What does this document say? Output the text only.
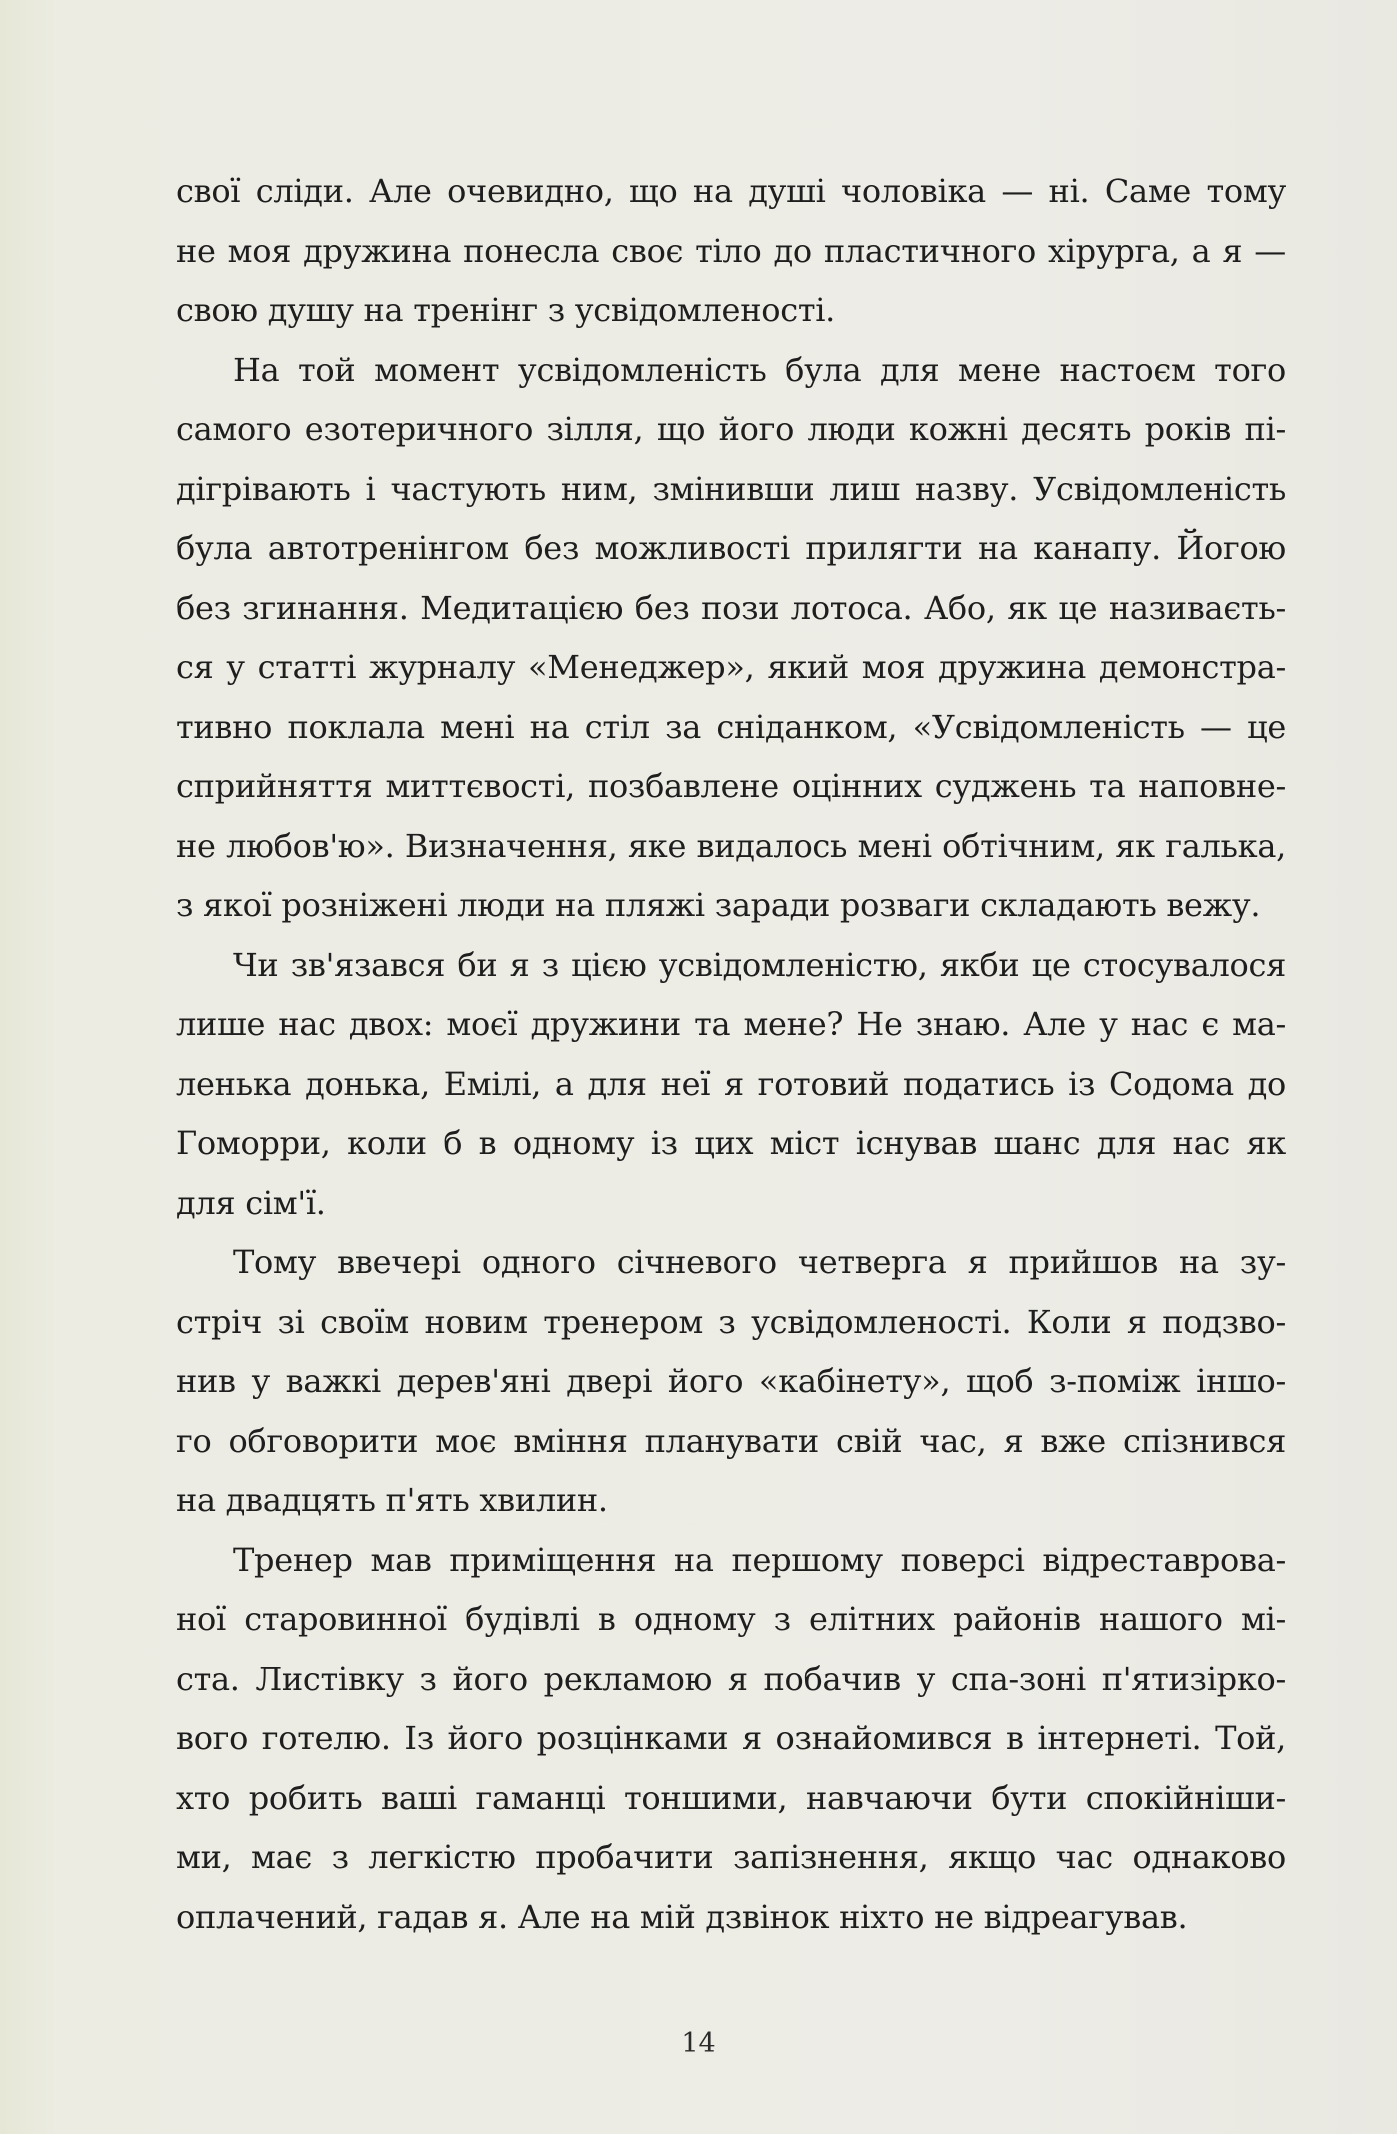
свої сліди. Але очевидно, що на душі чоловіка — ні. Саме тому
не моя дружина понесла своє тіло до пластичного хірурга, а я —
свою душу на тренінг з усвідомленості.
На той момент усвідомленість була для мене настоєм того
самого езотеричного зілля, що його люди кожні десять років пі-
дігрівають і частують ним, змінивши лиш назву. Усвідомленість
була автотренінгом без можливості прилягти на канапу. Йогою
без згинання. Медитацією без пози лотоса. Або, як це називаєть-
ся у статті журналу «Менеджер», який моя дружина демонстра-
тивно поклала мені на стіл за сніданком, «Усвідомленість — це
сприйняття миттєвості, позбавлене оцінних суджень та наповне-
не любов'ю». Визначення, яке видалось мені обтічним, як галька,
з якої розніжені люди на пляжі заради розваги складають вежу.
Чи зв'язався би я з цією усвідомленістю, якби це стосувалося
лише нас двох: моєї дружини та мене? Не знаю. Але у нас є ма-
ленька донька, Емілі, а для неї я готовий податись із Содома до
Гоморри, коли б в одному із цих міст існував шанс для нас як
для сім'ї.
Тому ввечері одного січневого четверга я прийшов на зу-
стріч зі своїм новим тренером з усвідомленості. Коли я подзво-
нив у важкі дерев'яні двері його «кабінету», щоб з-поміж іншо-
го обговорити моє вміння планувати свій час, я вже спізнився
на двадцять п'ять хвилин.
Тренер мав приміщення на першому поверсі відреставрова-
ної старовинної будівлі в одному з елітних районів нашого мі-
ста. Листівку з його рекламою я побачив у спа-зоні п'ятизірко-
вого готелю. Із його розцінками я ознайомився в інтернеті. Той,
хто робить ваші гаманці тоншими, навчаючи бути спокійніши-
ми, має з легкістю пробачити запізнення, якщо час однаково
оплачений, гадав я. Але на мій дзвінок ніхто не відреагував.
14
